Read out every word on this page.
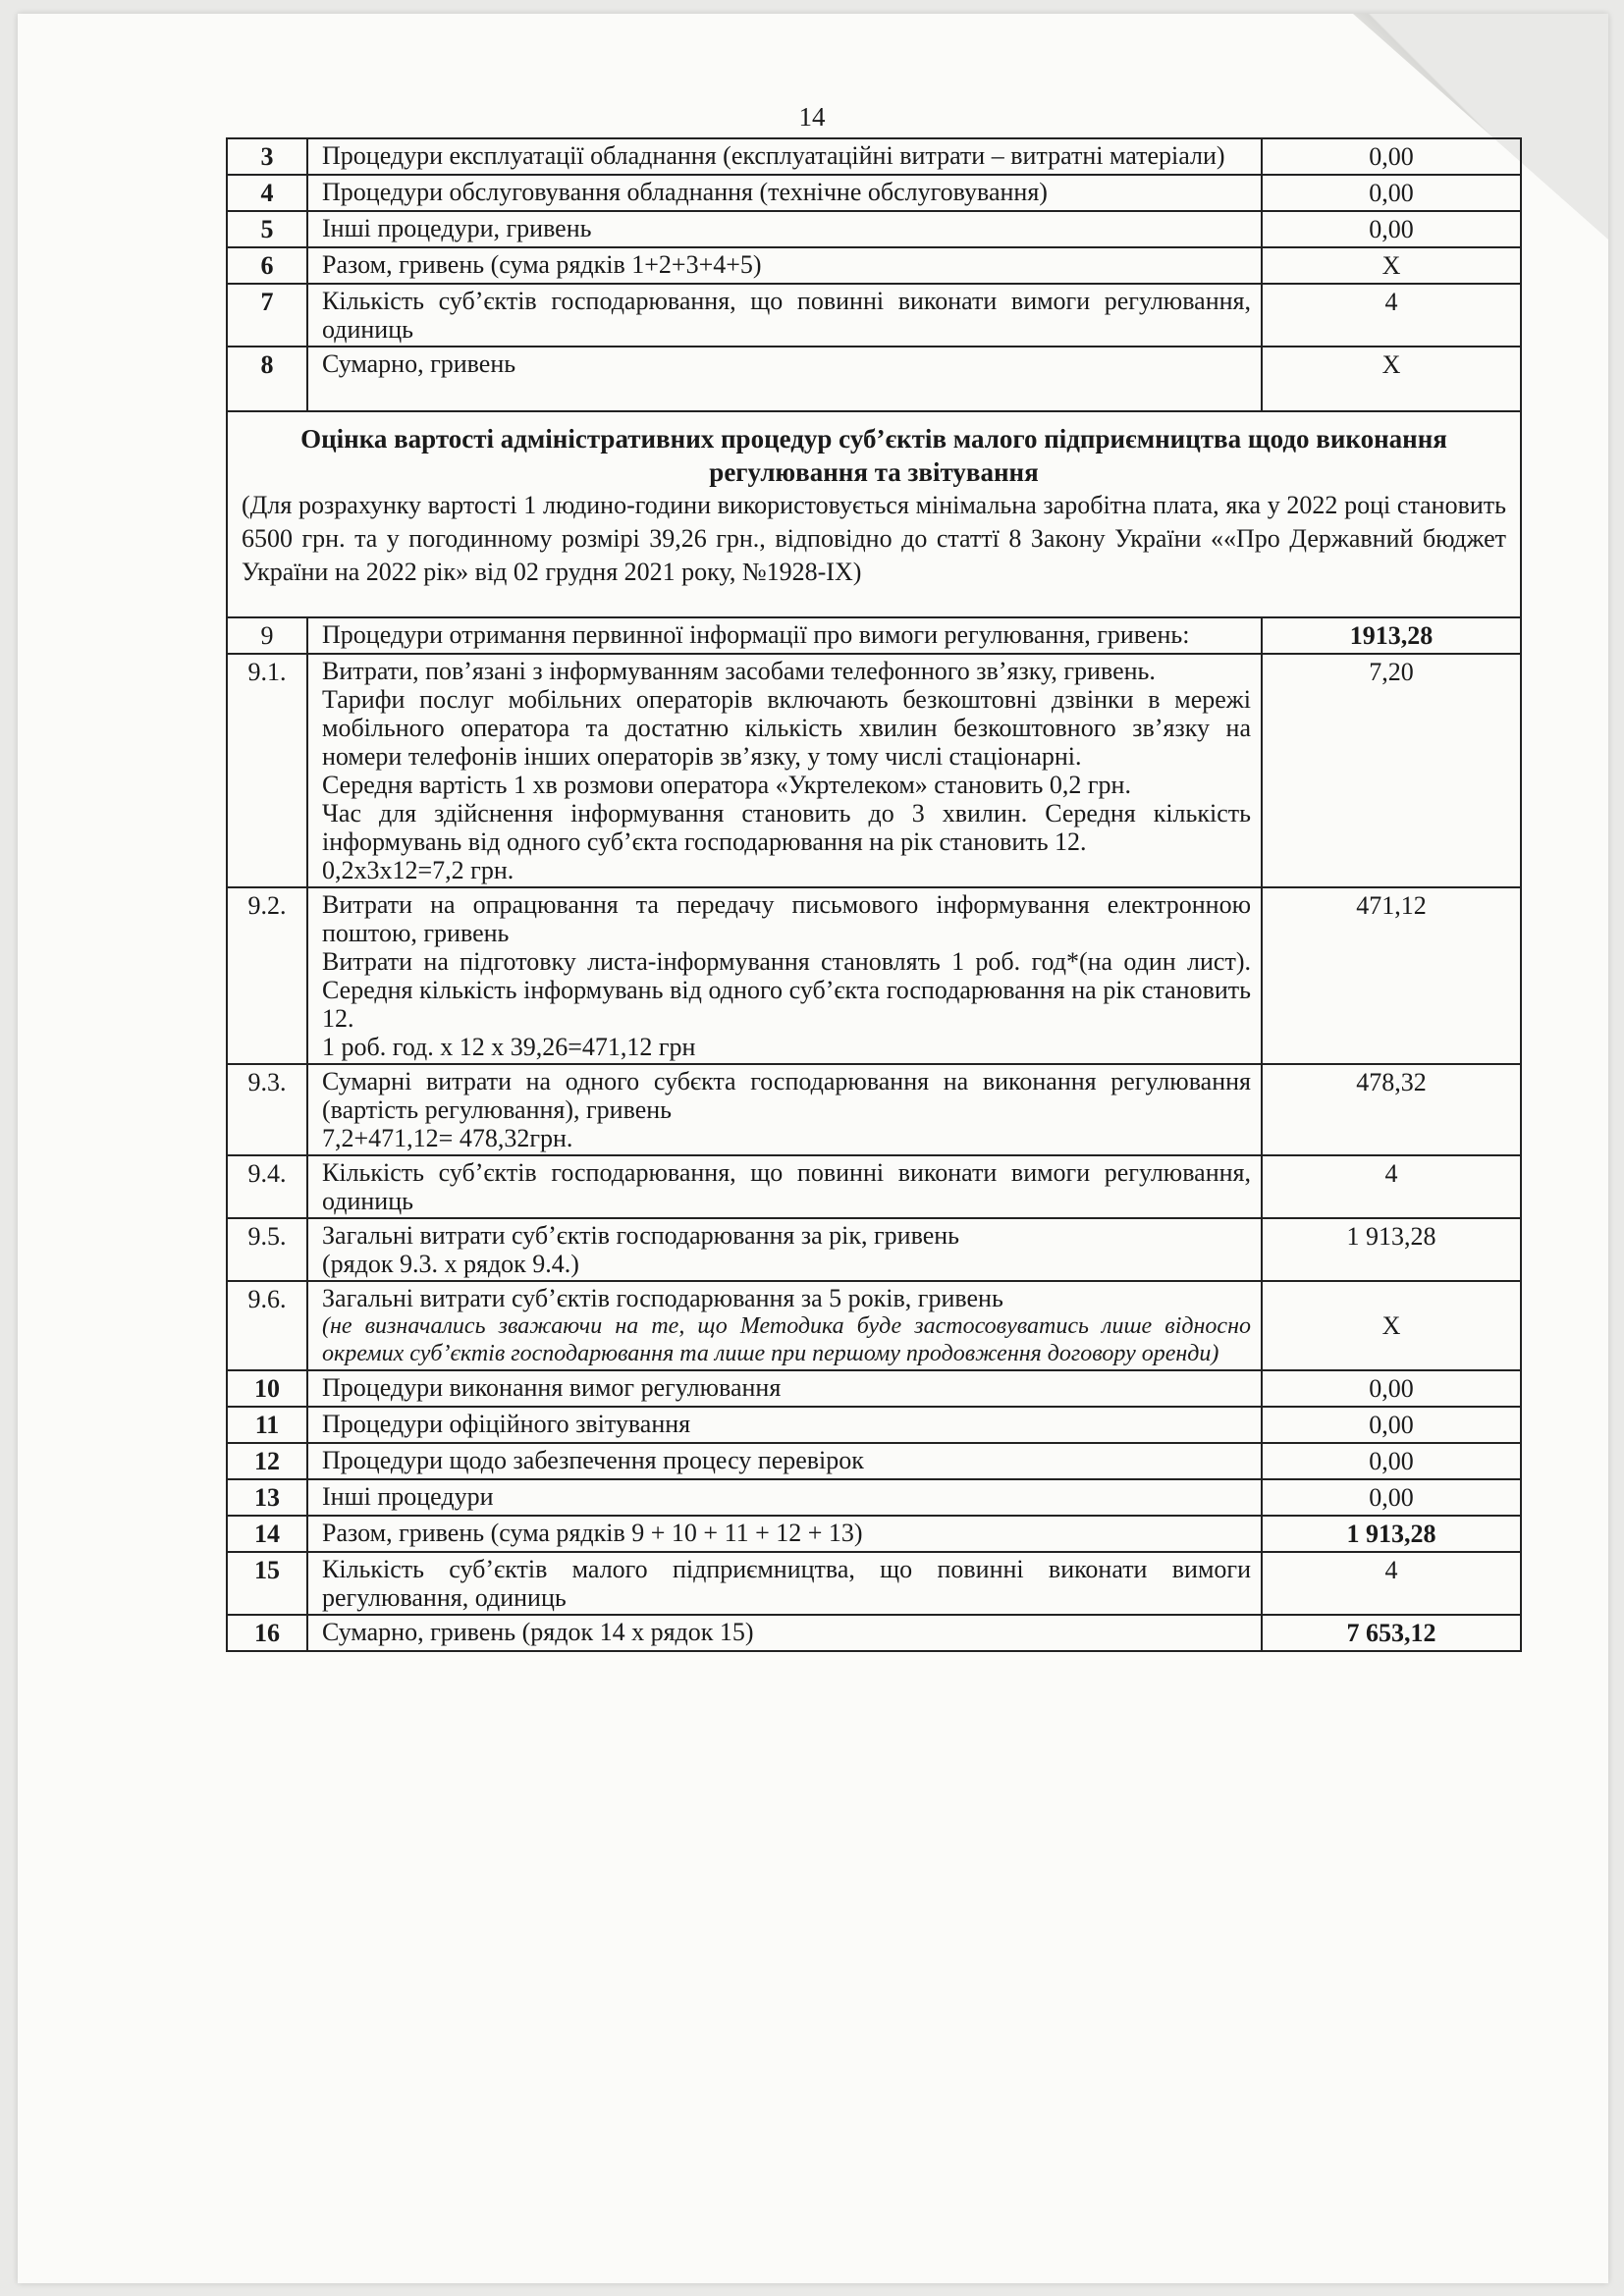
14
3	Процедури експлуатації обладнання (експлуатаційні витрати – витратні матеріали)	0,00
4	Процедури обслуговування обладнання (технічне обслуговування)	0,00
5	Інші процедури, гривень	0,00
6	Разом, гривень (сума рядків 1+2+3+4+5)	Х
7	Кількість суб’єктів господарювання, що повинні виконати вимоги регулювання, одиниць	4
8	Сумарно, гривень	Х

Оцінка вартості адміністративних процедур суб’єктів малого підприємництва щодо виконання регулювання та звітування
(Для розрахунку вартості 1 людино-години використовується мінімальна заробітна плата, яка у 2022 році становить 6500 грн. та у погодинному розмірі 39,26 грн., відповідно до статтї 8 Закону України ««Про Державний бюджет України на 2022 рік» від 02 грудня 2021 року, №1928-ІХ)		

9	Процедури отримання первинної інформації про вимоги регулювання, гривень:	1913,28
9.1.	Витрати, пов’язані з інформуванням засобами телефонного зв’язку, гривень.
Тарифи послуг мобільних операторів включають безкоштовні дзвінки в мережі мобільного оператора та достатню кількість хвилин безкоштовного зв’язку на номери телефонів інших операторів зв’язку, у тому числі стаціонарні.
Середня вартість 1 хв розмови оператора «Укртелеком» становить 0,2 грн.
Час для здійснення інформування становить до 3 хвилин. Середня кількість інформувань від одного суб’єкта господарювання на рік становить 12.
0,2х3х12=7,2 грн.	7,20
9.2.	Витрати на опрацювання та передачу письмового інформування електронною поштою, гривень
Витрати на підготовку листа-інформування становлять 1 роб. год*(на один лист). Середня кількість інформувань від одного суб’єкта господарювання на рік становить 12.
1 роб. год. х 12 х 39,26=471,12 грн	471,12
9.3.	Сумарні витрати на одного субєкта господарювання на виконання регулювання (вартість регулювання), гривень
7,2+471,12= 478,32грн.	478,32
9.4.	Кількість суб’єктів господарювання, що повинні виконати вимоги регулювання, одиниць	4
9.5.	Загальні витрати суб’єктів господарювання за рік, гривень
(рядок 9.3. х рядок 9.4.)	1 913,28
9.6.	Загальні витрати суб’єктів господарювання за 5 років, гривень
(не визначались зважаючи на те, що Методика буде застосовуватись лише відносно окремих суб’єктів господарювання та лише при першому продовження договору оренди)	Х
10	Процедури виконання вимог регулювання	0,00
11	Процедури офіційного звітування	0,00
12	Процедури щодо забезпечення процесу перевірок	0,00
13	Інші процедури	0,00
14	Разом, гривень (сума рядків 9 + 10 + 11 + 12 + 13)	1 913,28
15	Кількість суб’єктів малого підприємництва, що повинні виконати вимоги регулювання, одиниць	4
16	Сумарно, гривень (рядок 14 х рядок 15)	7 653,12
